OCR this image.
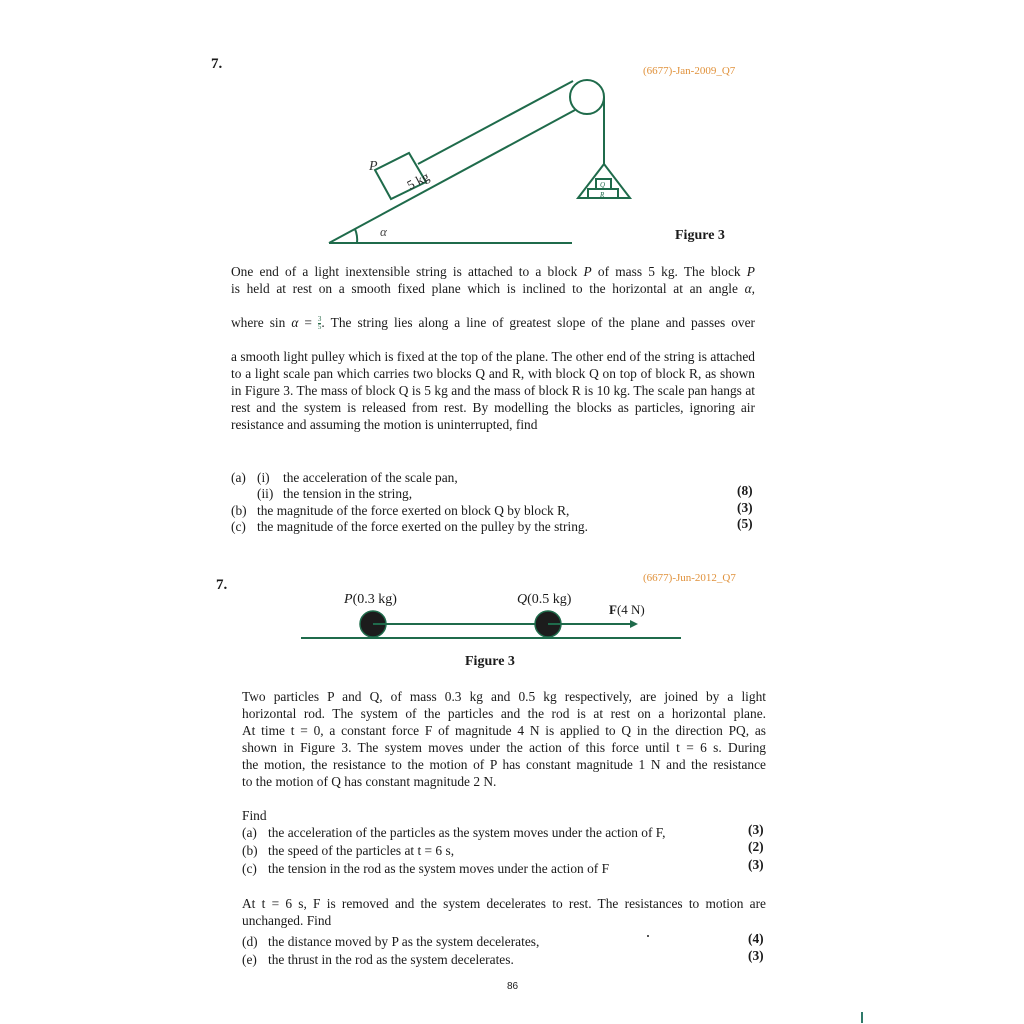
7.	(6677)-Jan-2009_Q7
P
5 kg
α
Q
R
Figure 3
One end of a light inextensible string is attached to a block P of mass 5 kg. The block P
is held at rest on a smooth fixed plane which is inclined to the horizontal at an angle α,
where $\sin \alpha = \frac{3}{5}$ . The string lies along a line of greatest slope of the plane and passes over
a smooth light pulley which is fixed at the top of the plane. The other end of the string is attached to a light scale pan which carries two blocks Q and R, with block Q on top of block R, as shown in Figure 3. The mass of block Q is 5 kg and the mass of block R is 10 kg. The scale pan hangs at rest and the system is released from rest. By modelling the blocks as particles, ignoring air resistance and assuming the motion is uninterrupted, find
(a) (i) the acceleration of the scale pan,
(ii) the tension in the string,	(8)
(b) the magnitude of the force exerted on block Q by block R,	(3)
(c) the magnitude of the force exerted on the pulley by the string.	(5)
7.	(6677)-Jun-2012_Q7
P(0.3 kg)	Q(0.5 kg)
F(4 N)
Figure 3
Two particles P and Q, of mass 0.3 kg and 0.5 kg respectively, are joined by a light
horizontal rod. The system of the particles and the rod is at rest on a horizontal plane.
At time t = 0, a constant force F of magnitude 4 N is applied to Q in the direction PQ, as
shown in Figure 3. The system moves under the action of this force until t = 6 s. During
the motion, the resistance to the motion of P has constant magnitude 1 N and the resistance
to the motion of Q has constant magnitude 2 N.
Find
(a) the acceleration of the particles as the system moves under the action of F,	(3)
(b) the speed of the particles at t = 6 s,	(2)
(c) the tension in the rod as the system moves under the action of F	(3)
At t = 6 s, F is removed and the system decelerates to rest. The resistances to motion are
unchanged. Find
(d) the distance moved by P as the system decelerates,	(4)
(e) the thrust in the rod as the system decelerates.	(3)
86
